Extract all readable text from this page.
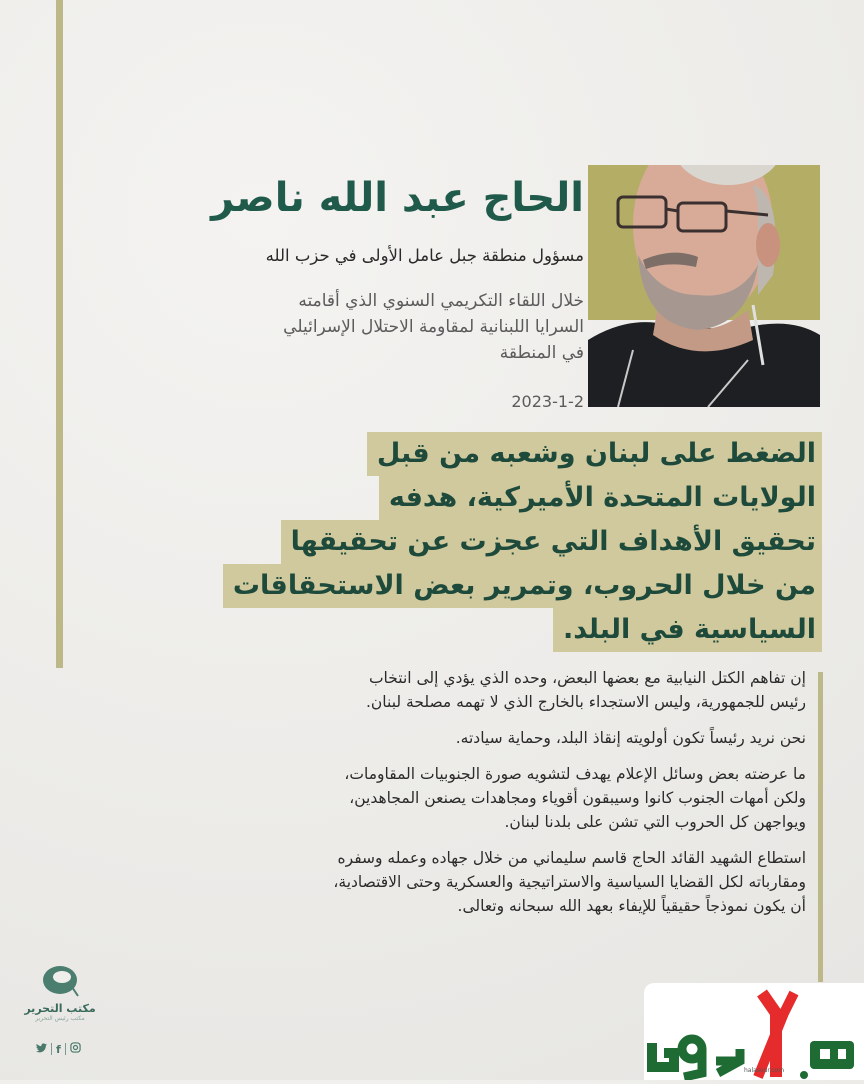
الحاج عبد الله ناصر
مسؤول منطقة جبل عامل الأولى في حزب الله
خلال اللقاء التكريمي السنوي الذي أقامته
السرايا اللبنانية لمقاومة الاحتلال الإسرائيلي
في المنطقة
2023-1-2
الضغط على لبنان وشعبه من قبل
الولايات المتحدة الأميركية، هدفه
تحقيق الأهداف التي عجزت عن تحقيقها
من خلال الحروب، وتمرير بعض الاستحقاقات
السياسية في البلد.

إن تفاهم الكتل النيابية مع بعضها البعض، وحده الذي يؤدي إلى انتخاب
رئيس للجمهورية، وليس الاستجداء بالخارج الذي لا تهمه مصلحة لبنان.

نحن نريد رئيساً تكون أولويته إنقاذ البلد، وحماية سيادته.

ما عرضته بعض وسائل الإعلام يهدف لتشويه صورة الجنوبيات المقاومات،
ولكن أمهات الجنوب كانوا وسيبقون أقوياء ومجاهدات يصنعن المجاهدين،
ويواجهن كل الحروب التي تشن على بلدنا لبنان.

استطاع الشهيد القائد الحاج قاسم سليماني من خلال جهاده وعمله وسفره
ومقارباته لكل القضايا السياسية والاستراتيجية والعسكرية وحتى الاقتصادية،
أن يكون نموذجاً حقيقياً للإيفاء بعهد الله سبحانه وتعالى.

مكتب التحرير
مكتب رئيس التحرير
f
halasour.com
